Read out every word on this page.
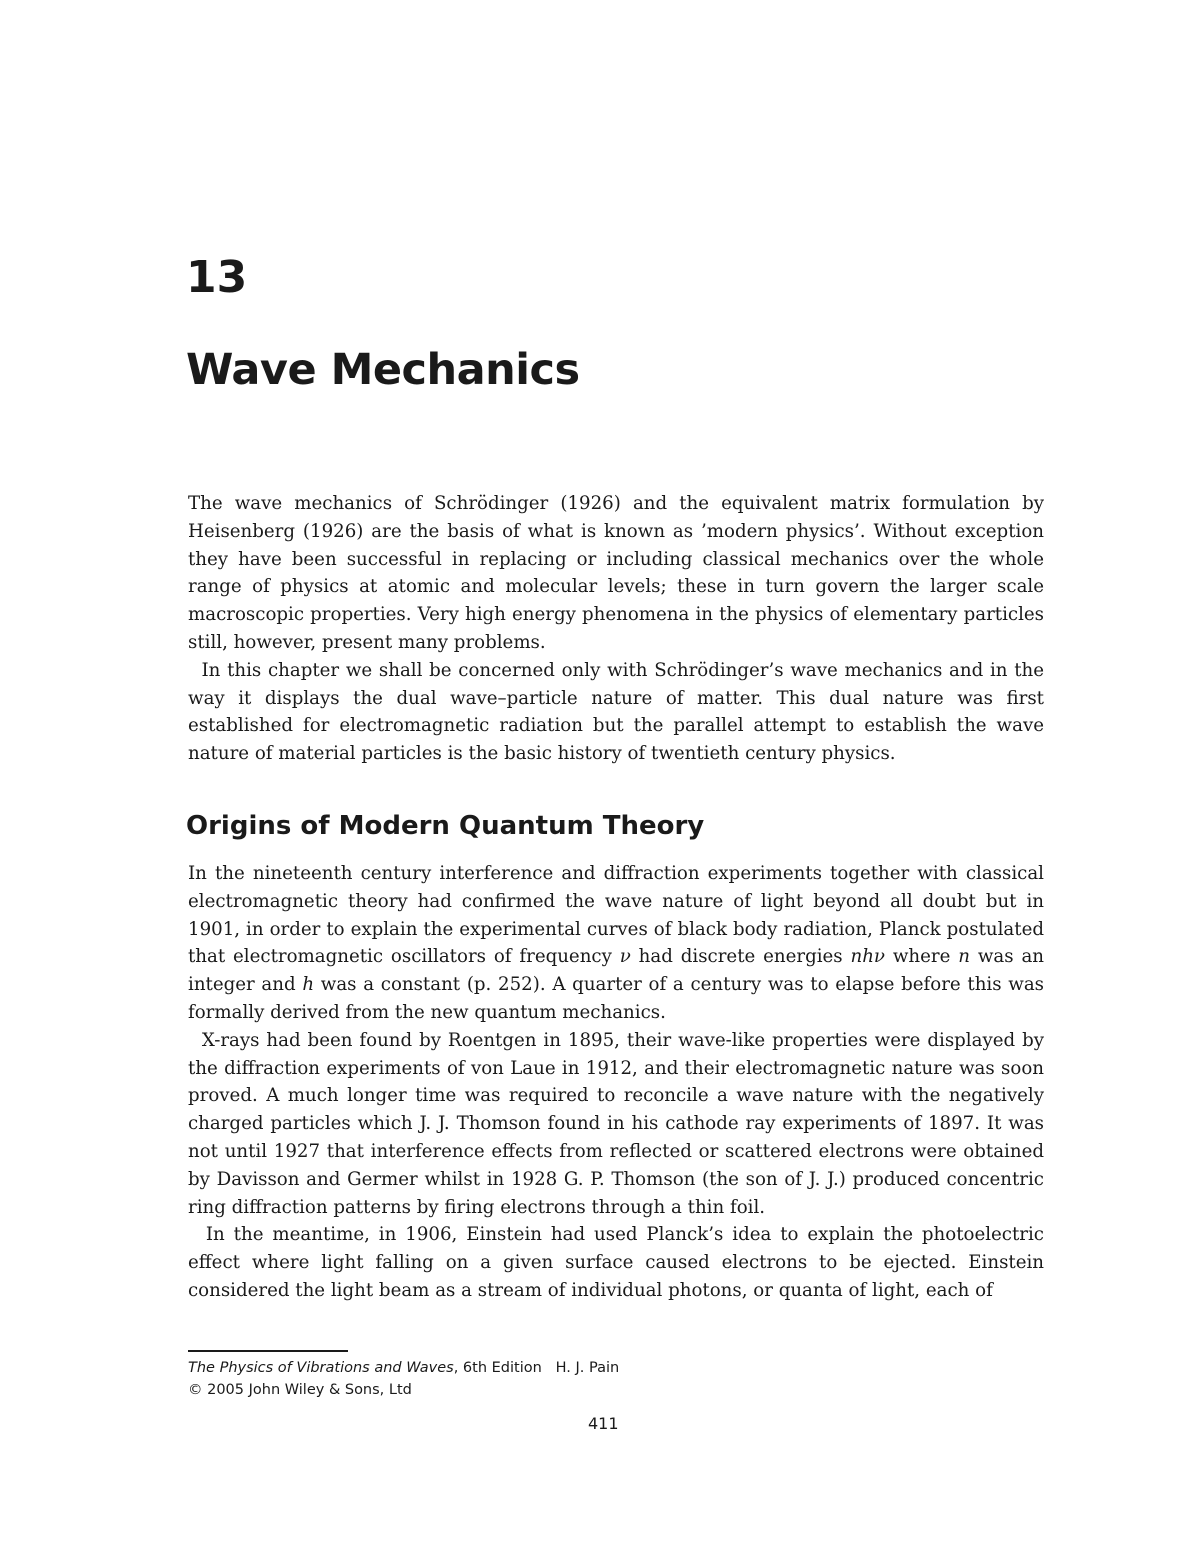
13
Wave Mechanics

The wave mechanics of Schrödinger (1926) and the equivalent matrix formulation by Heisenberg (1926) are the basis of what is known as ’modern physics’. Without exception they have been successful in replacing or including classical mechanics over the whole range of physics at atomic and molecular levels; these in turn govern the larger scale macroscopic properties. Very high energy phenomena in the physics of elementary particles still, however, present many problems.

In this chapter we shall be concerned only with Schrödinger’s wave mechanics and in the way it displays the dual wave–particle nature of matter. This dual nature was first established for electromagnetic radiation but the parallel attempt to establish the wave nature of material particles is the basic history of twentieth century physics.

Origins of Modern Quantum Theory

In the nineteenth century interference and diffraction experiments together with classical electromagnetic theory had confirmed the wave nature of light beyond all doubt but in 1901, in order to explain the experimental curves of black body radiation, Planck postulated that electromagnetic oscillators of frequency ν had discrete energies nhν where n was an integer and h was a constant (p. 252). A quarter of a century was to elapse before this was formally derived from the new quantum mechanics.

X-rays had been found by Roentgen in 1895, their wave-like properties were displayed by the diffraction experiments of von Laue in 1912, and their electromagnetic nature was soon proved. A much longer time was required to reconcile a wave nature with the negatively charged particles which J. J. Thomson found in his cathode ray experiments of 1897. It was not until 1927 that interference effects from reflected or scattered electrons were obtained by Davisson and Germer whilst in 1928 G. P. Thomson (the son of J. J.) produced concentric ring diffraction patterns by firing electrons through a thin foil.

In the meantime, in 1906, Einstein had used Planck’s idea to explain the photoelectric effect where light falling on a given surface caused electrons to be ejected. Einstein considered the light beam as a stream of individual photons, or quanta of light, each of

The Physics of Vibrations and Waves, 6th Edition H. J. Pain
© 2005 John Wiley & Sons, Ltd
411
